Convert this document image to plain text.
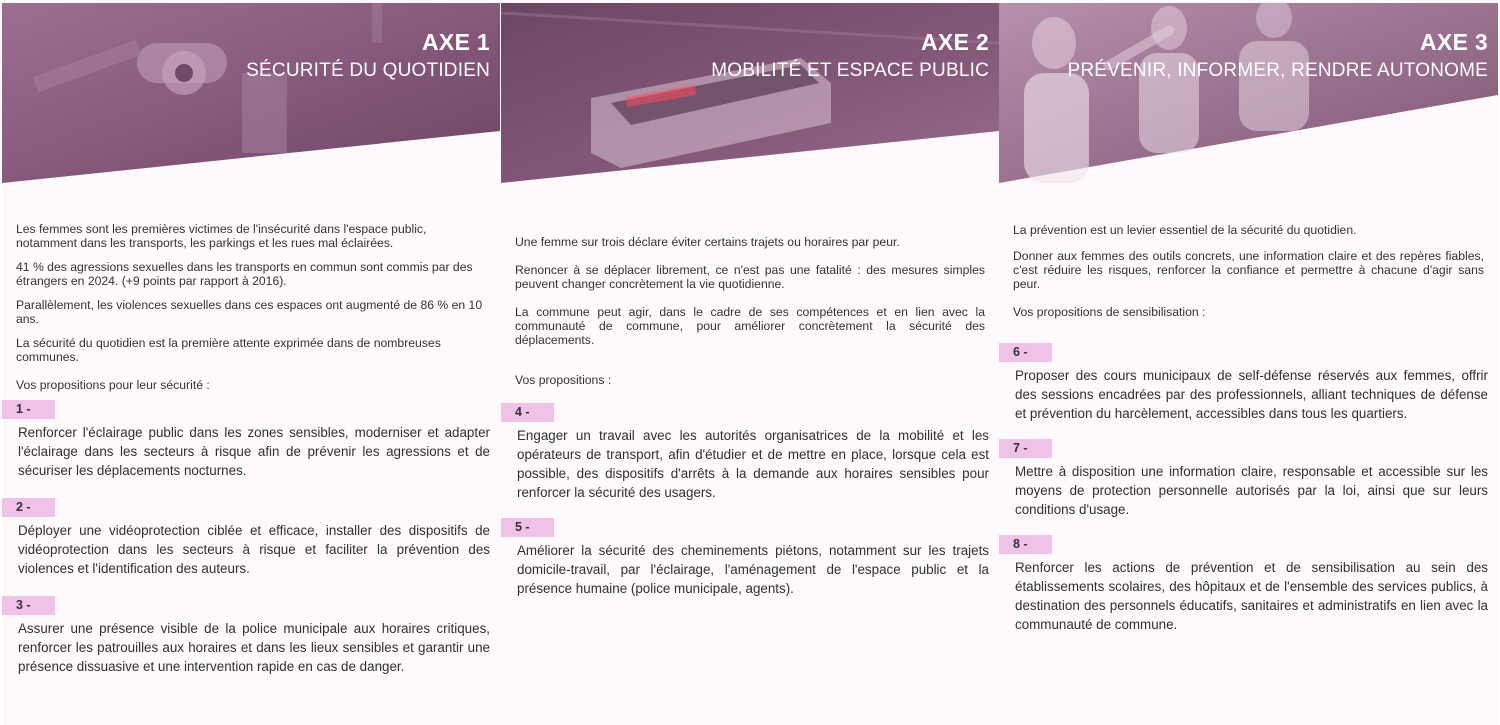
AXE 1
SÉCURITÉ DU QUOTIDIEN

Les femmes sont les premières victimes de l'insécurité dans l'espace public, notamment dans les transports, les parkings et les rues mal éclairées.

41 % des agressions sexuelles dans les transports en commun sont commis par des étrangers en 2024. (+9 points par rapport à 2016).

Parallèlement, les violences sexuelles dans ces espaces ont augmenté de 86 % en 10 ans.

La sécurité du quotidien est la première attente exprimée dans de nombreuses communes.

Vos propositions pour leur sécurité :

1 -

Renforcer l'éclairage public dans les zones sensibles, moderniser et adapter l'éclairage dans les secteurs à risque afin de prévenir les agressions et de sécuriser les déplacements nocturnes.

2 -

Déployer une vidéoprotection ciblée et efficace, installer des dispositifs de vidéoprotection dans les secteurs à risque et faciliter la prévention des violences et l'identification des auteurs.

3 -

Assurer une présence visible de la police municipale aux horaires critiques, renforcer les patrouilles aux horaires et dans les lieux sensibles et garantir une présence dissuasive et une intervention rapide en cas de danger.

AXE 2
MOBILITÉ ET ESPACE PUBLIC

Une femme sur trois déclare éviter certains trajets ou horaires par peur.

Renoncer à se déplacer librement, ce n'est pas une fatalité : des mesures simples peuvent changer concrètement la vie quotidienne.

La commune peut agir, dans le cadre de ses compétences et en lien avec la communauté de commune, pour améliorer concrètement la sécurité des déplacements.

Vos propositions :

4 -

Engager un travail avec les autorités organisatrices de la mobilité et les opérateurs de transport, afin d'étudier et de mettre en place, lorsque cela est possible, des dispositifs d'arrêts à la demande aux horaires sensibles pour renforcer la sécurité des usagers.

5 -

Améliorer la sécurité des cheminements piétons, notamment sur les trajets domicile-travail, par l'éclairage, l'aménagement de l'espace public et la présence humaine (police municipale, agents).

AXE 3
PRÉVENIR, INFORMER, RENDRE AUTONOME

La prévention est un levier essentiel de la sécurité du quotidien.

Donner aux femmes des outils concrets, une information claire et des repères fiables, c'est réduire les risques, renforcer la confiance et permettre à chacune d'agir sans peur.

Vos propositions de sensibilisation :

6 -

Proposer des cours municipaux de self-défense réservés aux femmes, offrir des sessions encadrées par des professionnels, alliant techniques de défense et prévention du harcèlement, accessibles dans tous les quartiers.

7 -

Mettre à disposition une information claire, responsable et accessible sur les moyens de protection personnelle autorisés par la loi, ainsi que sur leurs conditions d'usage.

8 -

Renforcer les actions de prévention et de sensibilisation au sein des établissements scolaires, des hôpitaux et de l'ensemble des services publics, à destination des personnels éducatifs, sanitaires et administratifs en lien avec la communauté de commune.
